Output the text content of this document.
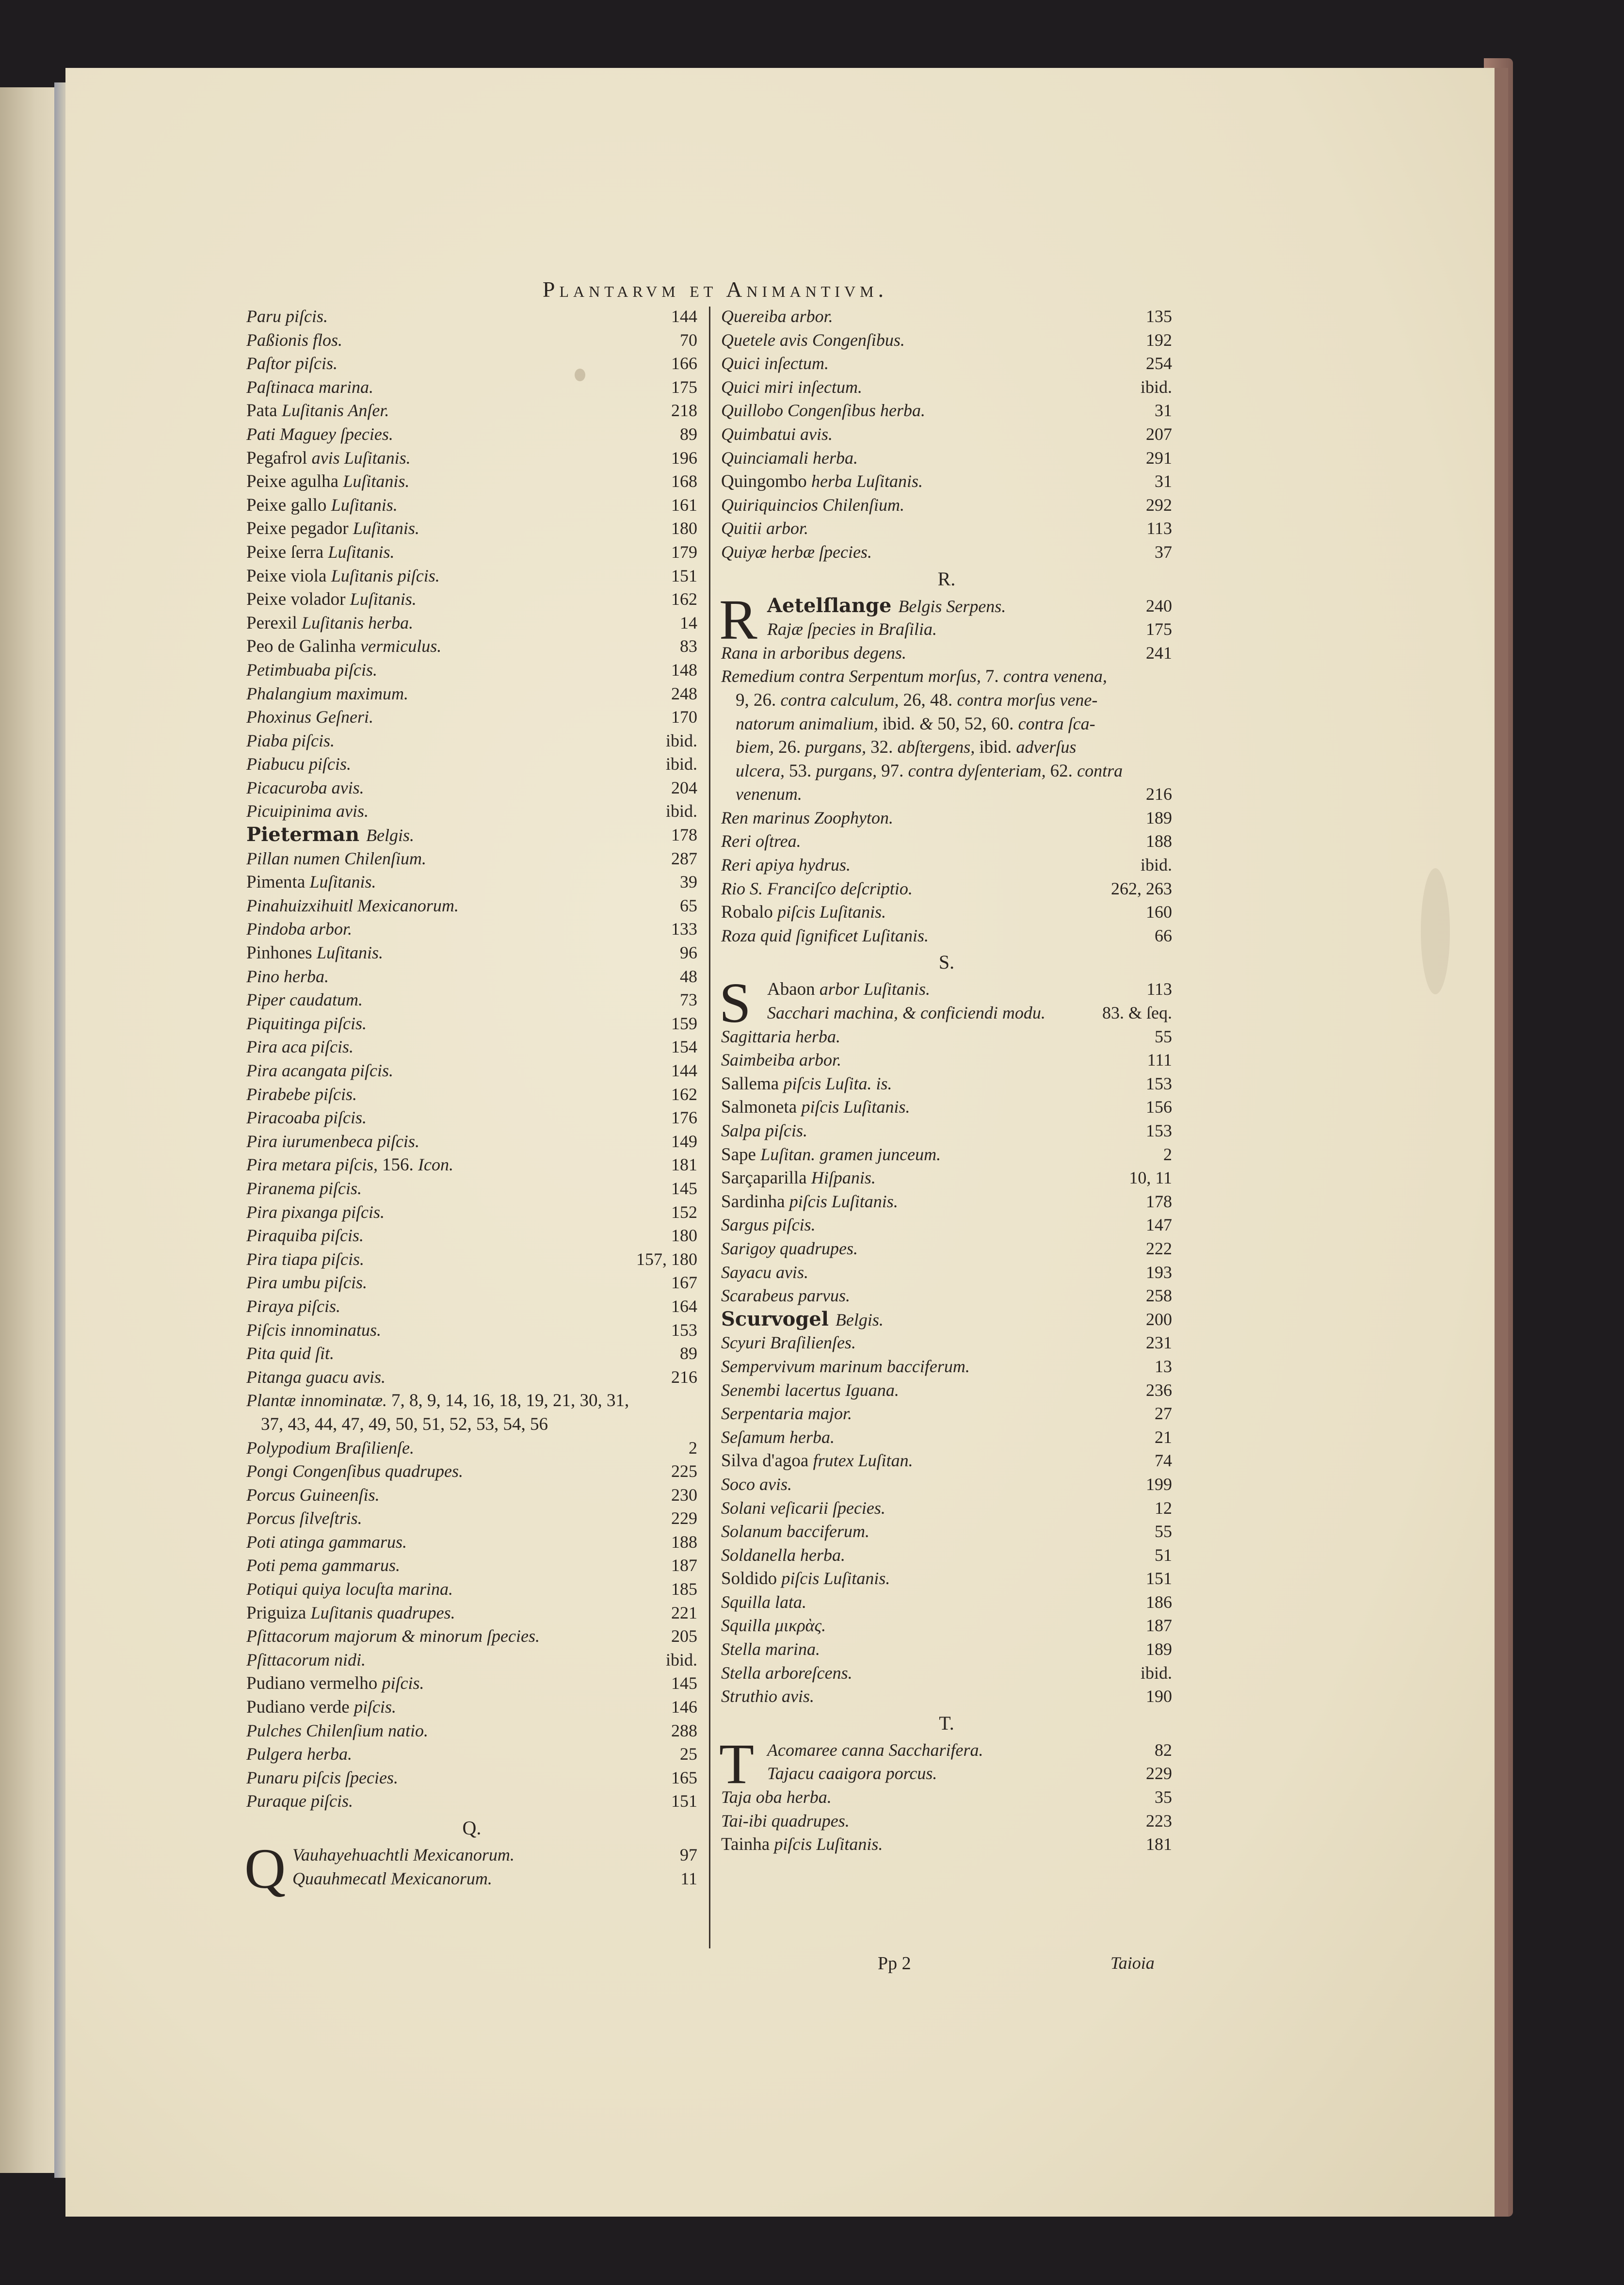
Plantarvm et Animantivm.
Paru piſcis.	144
Paßionis flos.	70
Paſtor piſcis.	166
Paſtinaca marina.	175
Pata Luſitanis Anſer.	218
Pati Maguey ſpecies.	89
Pegafrol avis Luſitanis.	196
Peixe agulha Luſitanis.	168
Peixe gallo Luſitanis.	161
Peixe pegador Luſitanis.	180
Peixe ſerra Luſitanis.	179
Peixe viola Luſitanis piſcis.	151
Peixe volador Luſitanis.	162
Perexil Luſitanis herba.	14
Peo de Galinha vermiculus.	83
Petimbuaba piſcis.	148
Phalangium maximum.	248
Phoxinus Geſneri.	170
Piaba piſcis.	ibid.
Piabucu piſcis.	ibid.
Picacuroba avis.	204
Picuipinima avis.	ibid.
Pieterman Belgis.	178
Pillan numen Chilenſium.	287
Pimenta Luſitanis.	39
Pinahuizxihuitl Mexicanorum.	65
Pindoba arbor.	133
Pinhones Luſitanis.	96
Pino herba.	48
Piper caudatum.	73
Piquitinga piſcis.	159
Pira aca piſcis.	154
Pira acangata piſcis.	144
Pirabebe piſcis.	162
Piracoaba piſcis.	176
Pira iurumenbeca piſcis.	149
Pira metara piſcis, 156. Icon.	181
Piranema piſcis.	145
Pira pixanga piſcis.	152
Piraquiba piſcis.	180
Pira tiapa piſcis.	157, 180
Pira umbu piſcis.	167
Piraya piſcis.	164
Piſcis innominatus.	153
Pita quid ſit.	89
Pitanga guacu avis.	216
Plantæ innominatæ. 7, 8, 9, 14, 16, 18, 19, 21, 30, 31,
37, 43, 44, 47, 49, 50, 51, 52, 53, 54, 56
Polypodium Braſilienſe.	2
Pongi Congenſibus quadrupes.	225
Porcus Guineenſis.	230
Porcus ſilveſtris.	229
Poti atinga gammarus.	188
Poti pema gammarus.	187
Potiqui quiya locuſta marina.	185
Priguiza Luſitanis quadrupes.	221
Pſittacorum majorum & minorum ſpecies.	205
Pſittacorum nidi.	ibid.
Pudiano vermelho piſcis.	145
Pudiano verde piſcis.	146
Pulches Chilenſium natio.	288
Pulgera herba.	25
Punaru piſcis ſpecies.	165
Puraque piſcis.	151
Q.
Q Vauhayehuachtli Mexicanorum.	97
Quauhmecatl Mexicanorum.	11
Quereiba arbor.	135
Quetele avis Congenſibus.	192
Quici inſectum.	254
Quici miri inſectum.	ibid.
Quillobo Congenſibus herba.	31
Quimbatui avis.	207
Quinciamali herba.	291
Quingombo herba Luſitanis.	31
Quiriquincios Chilenſium.	292
Quitii arbor.	113
Quiyæ herbæ ſpecies.	37
R.
R Aetelſlange Belgis Serpens.	240
Rajæ ſpecies in Braſilia.	175
Rana in arboribus degens.	241
Remedium contra Serpentum morſus, 7. contra venena,
9, 26. contra calculum, 26, 48. contra morſus vene-
natorum animalium, ibid. & 50, 52, 60. contra ſca-
biem, 26. purgans, 32. abſtergens, ibid. adverſus
ulcera, 53. purgans, 97. contra dyſenteriam, 62. contra
venenum.	216
Ren marinus Zoophyton.	189
Reri oſtrea.	188
Reri apiya hydrus.	ibid.
Rio S. Franciſco deſcriptio.	262, 263
Robalo piſcis Luſitanis.	160
Roza quid ſignificet Luſitanis.	66
S.
S Abaon arbor Luſitanis.	113
Sacchari machina, & conficiendi modu.	83. & ſeq.
Sagittaria herba.	55
Saimbeiba arbor.	111
Sallema piſcis Luſita. is.	153
Salmoneta piſcis Luſitanis.	156
Salpa piſcis.	153
Sape Luſitan. gramen junceum.	2
Sarçaparilla Hiſpanis.	10, 11
Sardinha piſcis Luſitanis.	178
Sargus piſcis.	147
Sarigoy quadrupes.	222
Sayacu avis.	193
Scarabeus parvus.	258
Scurvogel Belgis.	200
Scyuri Braſilienſes.	231
Sempervivum marinum bacciferum.	13
Senembi lacertus Iguana.	236
Serpentaria major.	27
Seſamum herba.	21
Silva d'agoa frutex Luſitan.	74
Soco avis.	199
Solani veſicarii ſpecies.	12
Solanum bacciferum.	55
Soldanella herba.	51
Soldido piſcis Luſitanis.	151
Squilla lata.	186
Squilla μικρὰς.	187
Stella marina.	189
Stella arboreſcens.	ibid.
Struthio avis.	190
T.
T Acomaree canna Saccharifera.	82
Tajacu caaigora porcus.	229
Taja oba herba.	35
Tai-ibi quadrupes.	223
Tainha piſcis Luſitanis.	181
Pp 2	Taioia
